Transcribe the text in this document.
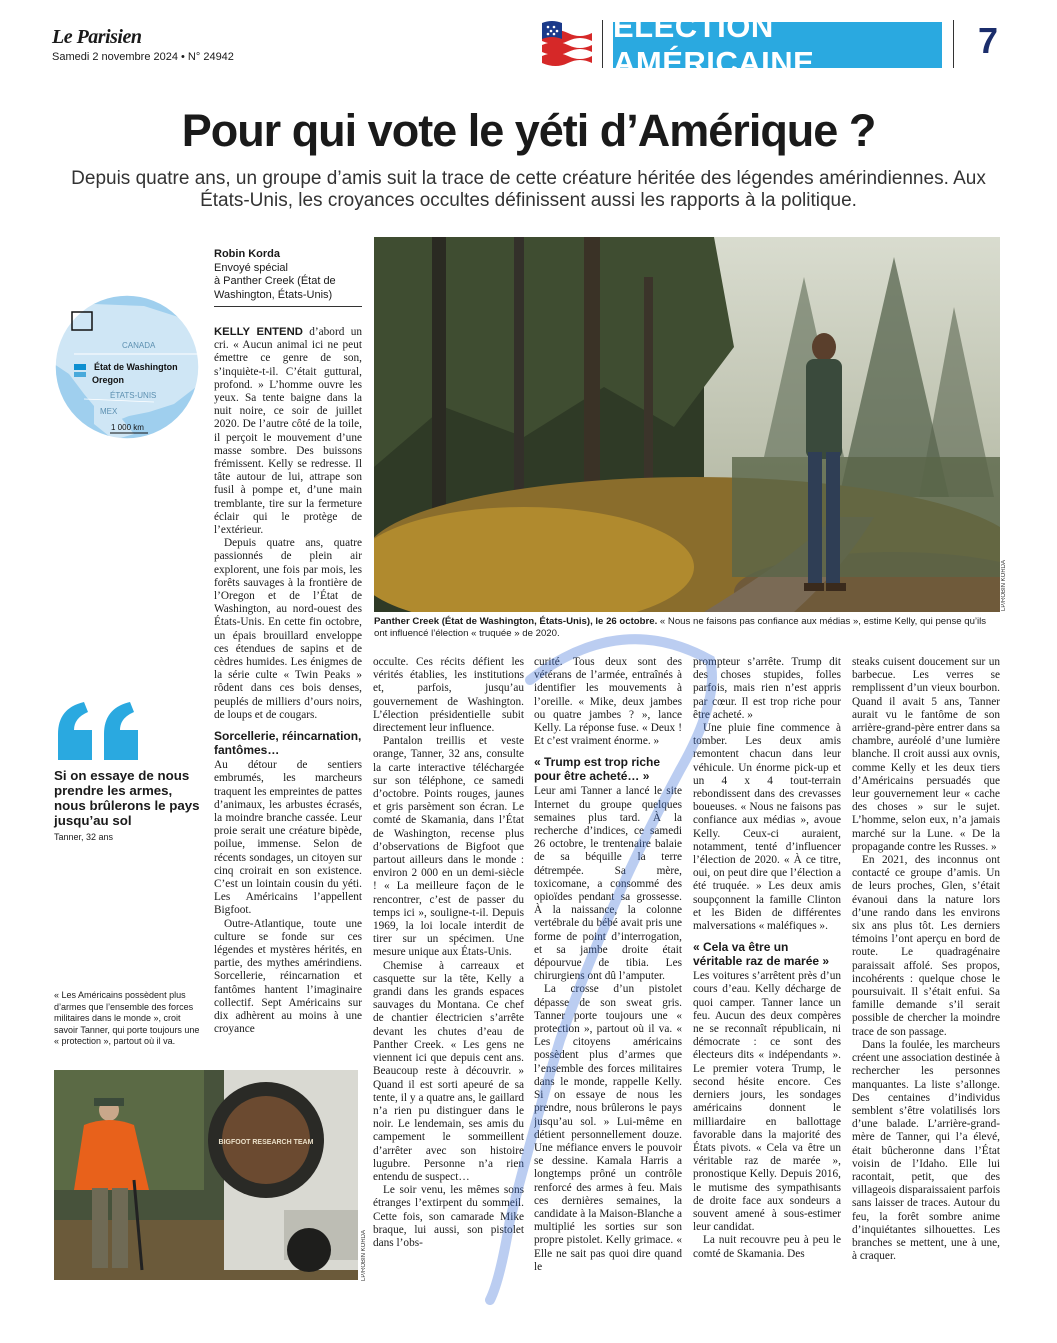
Le Parisien
Samedi 2 novembre 2024 • N° 24942
ÉLECTION AMÉRICAINE
7
Pour qui vote le yéti d’Amérique ?

Depuis quatre ans, un groupe d’amis suit la trace de cette créature héritée des légendes amérindiennes. Aux États-Unis, les croyances occultes définissent aussi les rapports à la politique.

Robin Korda
Envoyé spécial
à Panther Creek (État de Washington, États-Unis)
CANADA
État de Washington
Oregon
ÉTATS-UNIS
MEX
1 000 km
LP/ROBIN KORDA
Panther Creek (État de Washington, États-Unis), le 26 octobre. « Nous ne faisons pas confiance aux médias », estime Kelly, qui pense qu’ils ont influencé l’élection « truquée » de 2020.
Si on essaye de nous prendre les armes, nous brûlerons le pays jusqu’au sol
Tanner, 32 ans
« Les Américains possèdent plus d’armes que l’ensemble des forces militaires dans le monde », croit savoir Tanner, qui porte toujours une « protection », partout où il va.
BIGFOOT RESEARCH TEAM
LP/ROBIN KORDA

KELLY ENTEND d’abord un cri. « Aucun animal ici ne peut émettre ce genre de son, s’inquiète-t-il. C’était guttural, profond. » L’homme ouvre les yeux. Sa tente baigne dans la nuit noire, ce soir de juillet 2020. De l’autre côté de la toile, il perçoit le mouvement d’une masse sombre. Des buissons frémissent. Kelly se redresse. Il tâte autour de lui, attrape son fusil à pompe et, d’une main tremblante, tire sur la fermeture éclair qui le protège de l’extérieur.

Depuis quatre ans, quatre passionnés de plein air explorent, une fois par mois, les forêts sauvages à la frontière de l’Oregon et de l’État de Washington, au nord-ouest des États-Unis. En cette fin octobre, un épais brouillard enveloppe ces étendues de sapins et de cèdres humides. Les énigmes de la série culte « Twin Peaks » rôdent dans ces bois denses, peuplés de milliers d’ours noirs, de loups et de cougars.

Sorcellerie, réincarnation, fantômes…

Au détour de sentiers embrumés, les marcheurs traquent les empreintes de pattes d’animaux, les arbustes écrasés, la moindre branche cassée. Leur proie serait une créature bipède, poilue, immense. Selon de récents sondages, un citoyen sur cinq croirait en son existence. C’est un lointain cousin du yéti. Les Américains l’appellent Bigfoot.

Outre-Atlantique, toute une culture se fonde sur ces légendes et mystères hérités, en partie, des mythes amérindiens. Sorcellerie, réincarnation et fantômes hantent l’imaginaire collectif. Sept Américains sur dix adhèrent au moins à une croyance

occulte. Ces récits défient les vérités établies, les institutions et, parfois, jusqu’au gouvernement de Washington. L’élection présidentielle subit directement leur influence.

Pantalon treillis et veste orange, Tanner, 32 ans, consulte la carte interactive téléchargée sur son téléphone, ce samedi d’octobre. Points rouges, jaunes et gris parsèment son écran. Le comté de Skamania, dans l’État de Washington, recense plus d’observations de Bigfoot que partout ailleurs dans le monde : environ 2 000 en un demi-siècle ! « La meilleure façon de le rencontrer, c’est de passer du temps ici », souligne-t-il. Depuis 1969, la loi locale interdit de tirer sur un spécimen. Une mesure unique aux États-Unis.

Chemise à carreaux et casquette sur la tête, Kelly a grandi dans les grands espaces sauvages du Montana. Ce chef de chantier électricien s’arrête devant les chutes d’eau de Panther Creek. « Les gens ne viennent ici que depuis cent ans. Beaucoup reste à découvrir. » Quand il est sorti apeuré de sa tente, il y a quatre ans, le gaillard n’a rien pu distinguer dans le noir. Le lendemain, ses amis du campement le sommeillent d’arrêter avec son histoire lugubre. Personne n’a rien entendu de suspect…

Le soir venu, les mêmes sons étranges l’extirpent du sommeil. Cette fois, son camarade Mike braque, lui aussi, son pistolet dans l’obs-

curité. Tous deux sont des vétérans de l’armée, entraînés à identifier les mouvements à l’oreille. « Mike, deux jambes ou quatre jambes ? », lance Kelly. La réponse fuse. « Deux ! Et c’est vraiment énorme. »

« Trump est trop riche pour être acheté… »

Leur ami Tanner a lancé le site Internet du groupe quelques semaines plus tard. À la recherche d’indices, ce samedi 26 octobre, le trentenaire balaie de sa béquille la terre détrempée. Sa mère, toxicomane, a consommé des opioïdes pendant sa grossesse. À la naissance, la colonne vertébrale du bébé avait pris une forme de point d’interrogation, et sa jambe droite était dépourvue de tibia. Les chirurgiens ont dû l’amputer.

La crosse d’un pistolet dépasse de son sweat gris. Tanner porte toujours une « protection », partout où il va. « Les citoyens américains possèdent plus d’armes que l’ensemble des forces militaires dans le monde, rappelle Kelly. Si on essaye de nous les prendre, nous brûlerons le pays jusqu’au sol. » Lui-même en détient personnellement douze. Une méfiance envers le pouvoir se dessine. Kamala Harris a longtemps prôné un contrôle renforcé des armes à feu. Mais ces dernières semaines, la candidate à la Maison-Blanche a multiplié les sorties sur son propre pistolet. Kelly grimace. « Elle ne sait pas quoi dire quand le

prompteur s’arrête. Trump dit des choses stupides, folles parfois, mais rien n’est appris par cœur. Il est trop riche pour être acheté. »

Une pluie fine commence à tomber. Les deux amis remontent chacun dans leur véhicule. Un énorme pick-up et un 4 x 4 tout-terrain rebondissent dans des crevasses boueuses. « Nous ne faisons pas confiance aux médias », avoue Kelly. Ceux-ci auraient, notamment, tenté d’influencer l’élection de 2020. « À ce titre, oui, on peut dire que l’élection a été truquée. » Les deux amis soupçonnent la famille Clinton et les Biden de différentes malversations « maléfiques ».

« Cela va être un véritable raz de marée »

Les voitures s’arrêtent près d’un cours d’eau. Kelly décharge de quoi camper. Tanner lance un feu. Aucun des deux compères ne se reconnaît républicain, ni démocrate : ce sont des électeurs dits « indépendants ». Le premier votera Trump, le second hésite encore. Ces derniers jours, les sondages américains donnent le milliardaire en ballottage favorable dans la majorité des États pivots. « Cela va être un véritable raz de marée », pronostique Kelly. Depuis 2016, le mutisme des sympathisants de droite face aux sondeurs a souvent amené à sous-estimer leur candidat.

La nuit recouvre peu à peu le comté de Skamania. Des

steaks cuisent doucement sur un barbecue. Les verres se remplissent d’un vieux bourbon. Quand il avait 5 ans, Tanner aurait vu le fantôme de son arrière-grand-père entrer dans sa chambre, auréolé d’une lumière blanche. Il croit aussi aux ovnis, comme Kelly et les deux tiers d’Américains persuadés que leur gouvernement leur « cache des choses » sur le sujet. L’homme, selon eux, n’a jamais marché sur la Lune. « De la propagande contre les Russes. »

En 2021, des inconnus ont contacté ce groupe d’amis. Un de leurs proches, Glen, s’était évanoui dans la nature lors d’une rando dans les environs six ans plus tôt. Les derniers témoins l’ont aperçu en bord de route. Le quadragénaire paraissait affolé. Ses propos, incohérents : quelque chose le poursuivait. Il s’était enfui. Sa famille demande s’il serait possible de chercher la moindre trace de son passage.

Dans la foulée, les marcheurs créent une association destinée à rechercher les personnes manquantes. La liste s’allonge. Des centaines d’individus semblent s’être volatilisés lors d’une balade. L’arrière-grand-mère de Tanner, qui l’a élevé, était bûcheronne dans l’État voisin de l’Idaho. Elle lui racontait, petit, que des villageois disparaissaient parfois sans laisser de traces. Autour du feu, la forêt sombre anime d’inquiétantes silhouettes. Les branches se mettent, une à une, à craquer.
